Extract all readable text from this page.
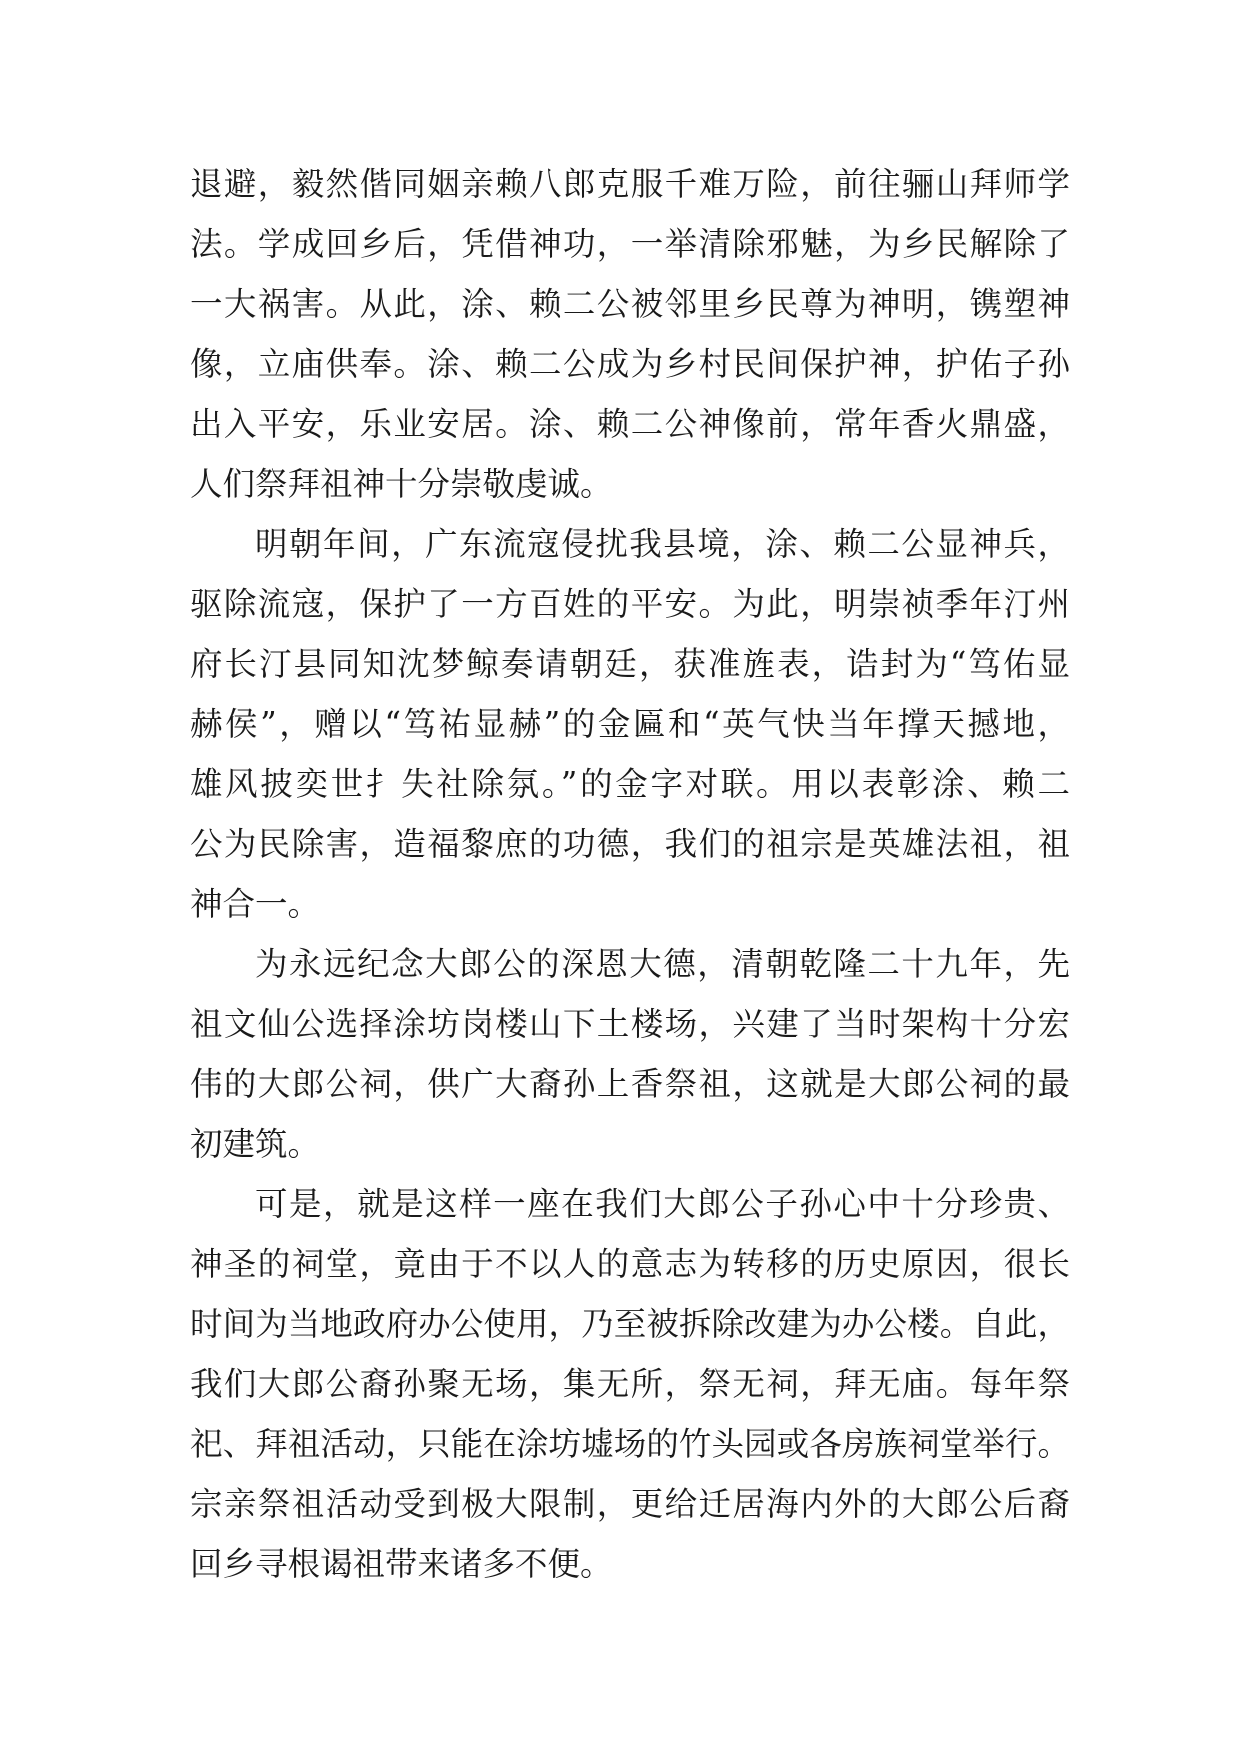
退避，毅然偕同姻亲赖八郎克服千难万险，前往骊山拜师学
法。学成回乡后，凭借神功，一举清除邪魅，为乡民解除了
一大祸害。从此，涂、赖二公被邻里乡民尊为神明，镌塑神
像，立庙供奉。涂、赖二公成为乡村民间保护神，护佑子孙
出入平安，乐业安居。涂、赖二公神像前，常年香火鼎盛，
人们祭拜祖神十分崇敬虔诚。
明朝年间，广东流寇侵扰我县境，涂、赖二公显神兵，
驱除流寇，保护了一方百姓的平安。为此，明崇祯季年汀州
府长汀县同知沈梦鲸奏请朝廷，获准旌表，诰封为“笃佑显
赫侯”，赠以“笃祐显赫”的金匾和“英气快当年撑天撼地，
雄风披奕世扌失社除氛。”的金字对联。用以表彰涂、赖二
公为民除害，造福黎庶的功德，我们的祖宗是英雄法祖，祖
神合一。
为永远纪念大郎公的深恩大德，清朝乾隆二十九年，先
祖文仙公选择涂坊岗楼山下土楼场，兴建了当时架构十分宏
伟的大郎公祠，供广大裔孙上香祭祖，这就是大郎公祠的最
初建筑。
可是，就是这样一座在我们大郎公子孙心中十分珍贵、
神圣的祠堂，竟由于不以人的意志为转移的历史原因，很长
时间为当地政府办公使用，乃至被拆除改建为办公楼。自此，
我们大郎公裔孙聚无场，集无所，祭无祠，拜无庙。每年祭
祀、拜祖活动，只能在涂坊墟场的竹头园或各房族祠堂举行。
宗亲祭祖活动受到极大限制，更给迁居海内外的大郎公后裔
回乡寻根谒祖带来诸多不便。
